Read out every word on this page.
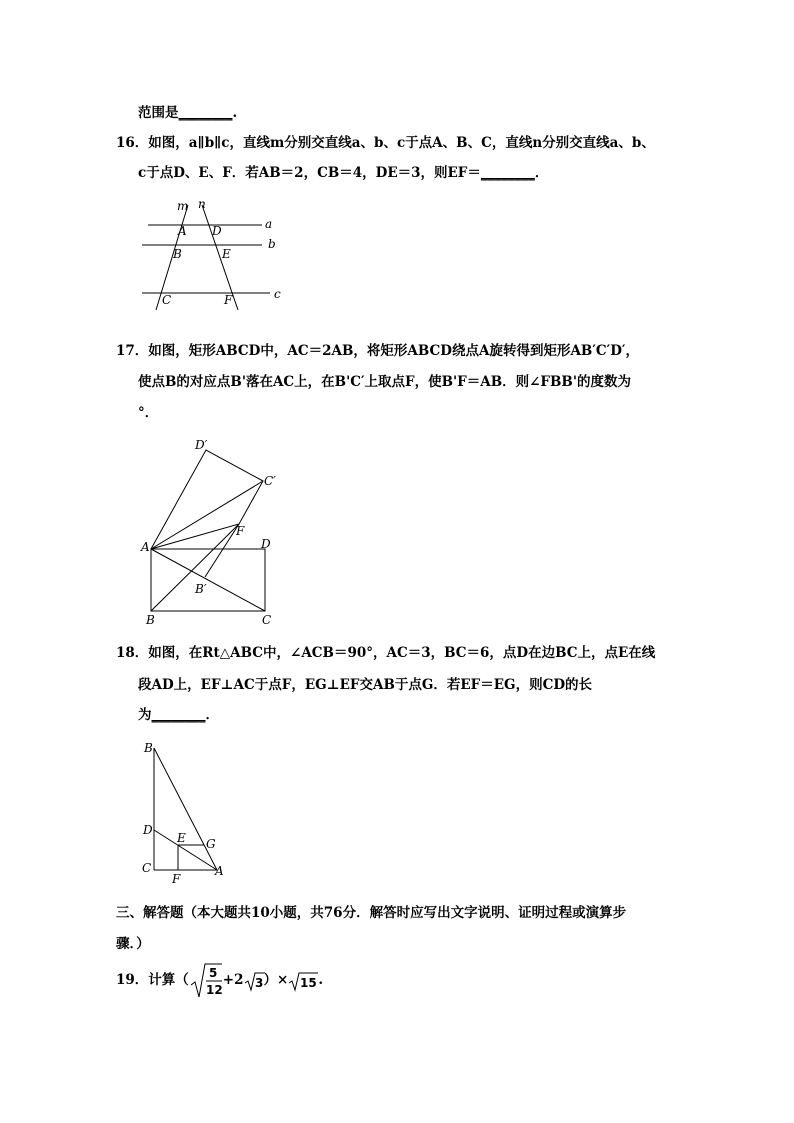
范围是________.
16．如图，a∥b∥c，直线m分别交直线a、b、c于点A、B、C，直线n分别交直线a、b、
c于点D、E、F．若AB＝2，CB＝4，DE＝3，则EF＝________．
m n
a
b
c
A D
B	E
C	F
17．如图，矩形ABCD中，AC＝2AB，将矩形ABCD绕点A旋转得到矩形AB′C′D′，
使点B的对应点B'落在AC上，在B'C′上取点F，使B'F＝AB．则∠FBB'的度数为
°．
D′
C′
F
A	D
B′
B	C
18．如图，在Rt△ABC中，∠ACB＝90°，AC＝3，BC＝6，点D在边BC上，点E在线
段AD上，EF⊥AC于点F，EG⊥EF交AB于点G．若EF＝EG，则CD的长
为________．
B
D
E G
C
F
A
三、解答题（本大题共10小题，共76分．解答时应写出文字说明、证明过程或演算步
骤．）
19．计算（ 5
12
+2 3 ）× 15 .
